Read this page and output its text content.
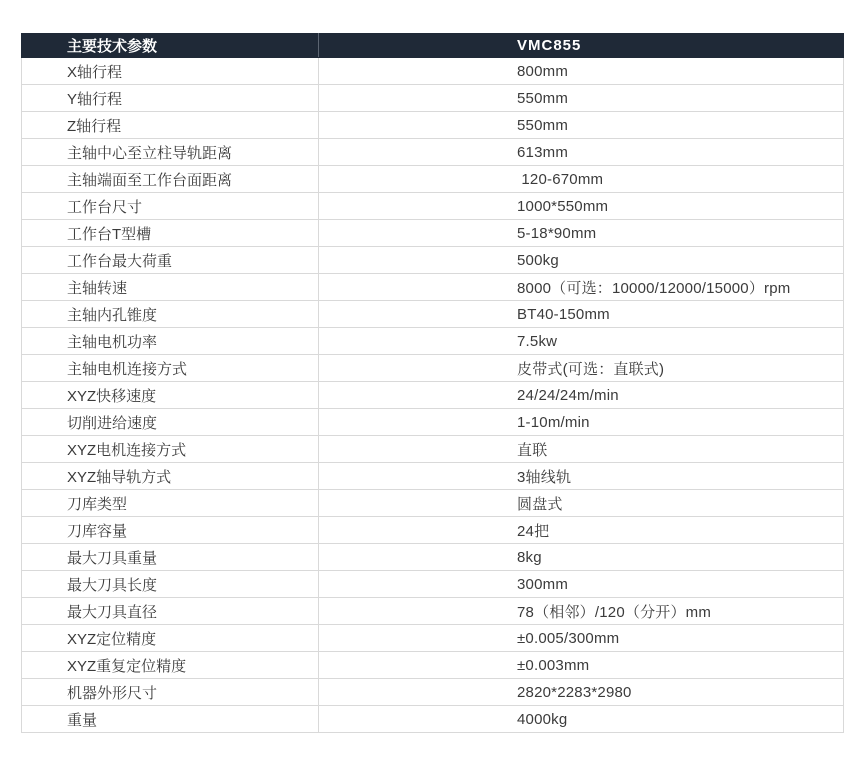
主要技术参数	VMC855
X轴行程	800mm
Y轴行程	550mm
Z轴行程	550mm
主轴中心至立柱导轨距离	613mm
主轴端面至工作台面距离	120-670mm
工作台尺寸	1000*550mm
工作台T型槽	5-18*90mm
工作台最大荷重	500kg
主轴转速	8000（可选：10000/12000/15000）rpm
主轴内孔锥度	BT40-150mm
主轴电机功率	7.5kw
主轴电机连接方式	皮带式(可选：直联式)
XYZ快移速度	24/24/24m/min
切削进给速度	1-10m/min
XYZ电机连接方式	直联
XYZ轴导轨方式	3轴线轨
刀库类型	圆盘式
刀库容量	24把
最大刀具重量	8kg
最大刀具长度	300mm
最大刀具直径	78（相邻）/120（分开）mm
XYZ定位精度	±0.005/300mm
XYZ重复定位精度	±0.003mm
机器外形尺寸	2820*2283*2980
重量	4000kg
